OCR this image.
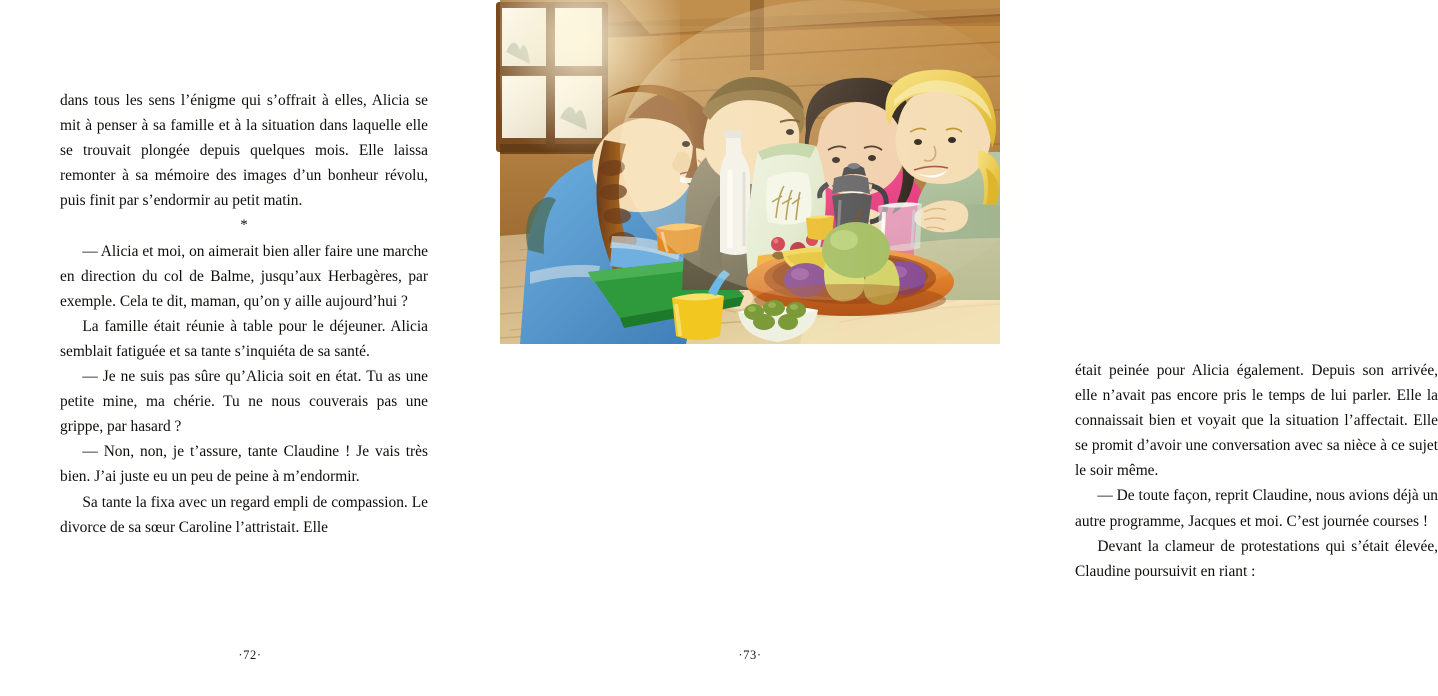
dans tous les sens l’énigme qui s’offrait à elles, Alicia se mit à penser à sa famille et à la situation dans laquelle elle se trouvait plongée depuis quelques mois. Elle laissa remonter à sa mémoire des images d’un bonheur révolu, puis finit par s’endormir au petit matin.

*

— Alicia et moi, on aimerait bien aller faire une marche en direction du col de Balme, jusqu’aux Herbagères, par exemple. Cela te dit, maman, qu’on y aille aujourd’hui ?

La famille était réunie à table pour le déjeuner. Alicia semblait fatiguée et sa tante s’inquiéta de sa santé.

— Je ne suis pas sûre qu’Alicia soit en état. Tu as une petite mine, ma chérie. Tu ne nous couverais pas une grippe, par hasard ?

— Non, non, je t’assure, tante Claudine ! Je vais très bien. J’ai juste eu un peu de peine à m’endormir.

Sa tante la fixa avec un regard empli de compassion. Le divorce de sa sœur Caroline l’attristait. Elle

·72·

était peinée pour Alicia également. Depuis son arrivée, elle n’avait pas encore pris le temps de lui parler. Elle la connaissait bien et voyait que la situation l’affectait. Elle se promit d’avoir une conversation avec sa nièce à ce sujet le soir même.

— De toute façon, reprit Claudine, nous avions déjà un autre programme, Jacques et moi. C’est journée courses !

Devant la clameur de protestations qui s’était élevée, Claudine poursuivit en riant :

·73·
